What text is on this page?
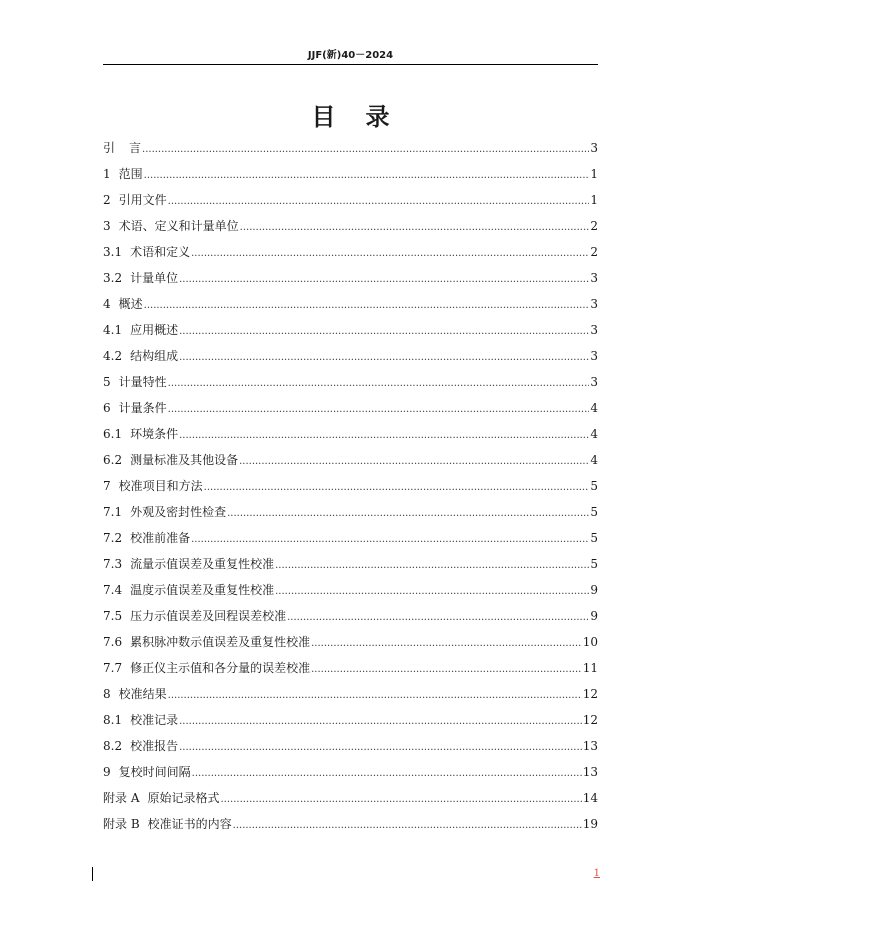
JJF(新)40－2024
目录
引 言 .....	3
1 范围 .....	1
2 引用文件 .....	1
3 术语、定义和计量单位 .....	2
3.1 术语和定义 .....	2
3.2 计量单位 .....	3
4 概述 .....	3
4.1 应用概述 .....	3
4.2 结构组成 .....	3
5 计量特性 .....	3
6 计量条件 .....	4
6.1 环境条件 .....	4
6.2 测量标准及其他设备 .....	4
7 校准项目和方法 .....	5
7.1 外观及密封性检查 .....	5
7.2 校准前准备 .....	5
7.3 流量示值误差及重复性校准 .....	5
7.4 温度示值误差及重复性校准 .....	9
7.5 压力示值误差及回程误差校准 .....	9
7.6 累积脉冲数示值误差及重复性校准 .....	10
7.7 修正仪主示值和各分量的误差校准 .....	11
8 校准结果 .....	12
8.1 校准记录 .....	12
8.2 校准报告 .....	13
9 复校时间间隔 .....	13
附录 A 原始记录格式 .....	14
附录 B 校准证书的内容 .....	19
1
